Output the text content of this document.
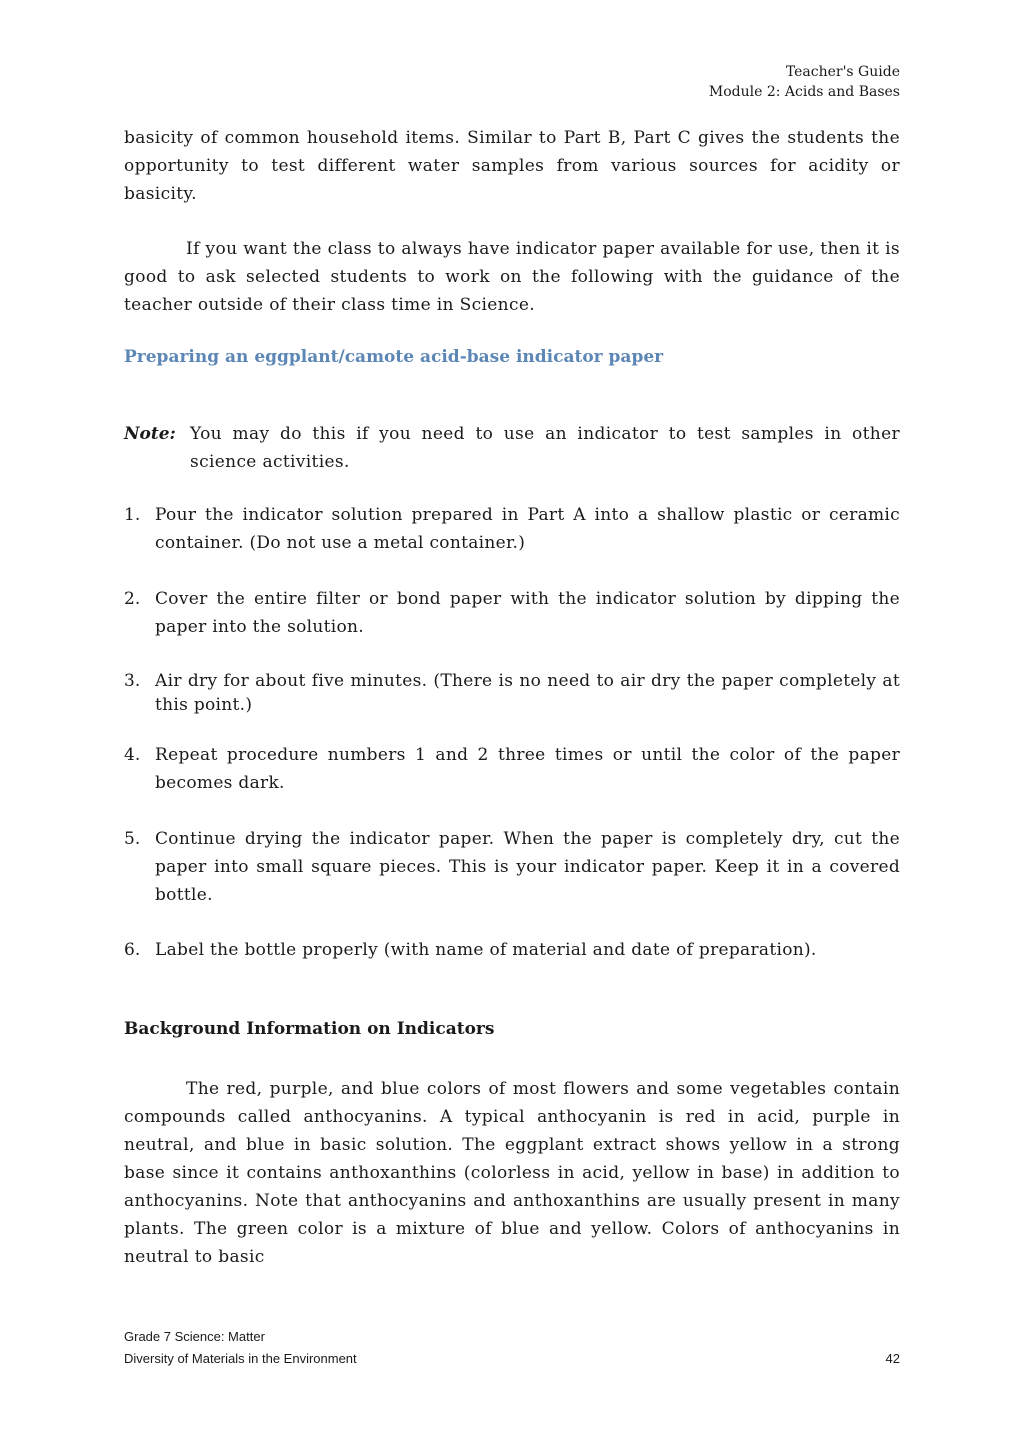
Teacher's Guide
Module 2: Acids and Bases

basicity of common household items. Similar to Part B, Part C gives the students the opportunity to test different water samples from various sources for acidity or basicity.

If you want the class to always have indicator paper available for use, then it is good to ask selected students to work on the following with the guidance of the teacher outside of their class time in Science.

Preparing an eggplant/camote acid-base indicator paper
Note: You may do this if you need to use an indicator to test samples in other science activities.
1. Pour the indicator solution prepared in Part A into a shallow plastic or ceramic container. (Do not use a metal container.)
2. Cover the entire filter or bond paper with the indicator solution by dipping the paper into the solution.
3. Air dry for about five minutes. (There is no need to air dry the paper completely at this point.)
4. Repeat procedure numbers 1 and 2 three times or until the color of the paper becomes dark.
5. Continue drying the indicator paper. When the paper is completely dry, cut the paper into small square pieces. This is your indicator paper. Keep it in a covered bottle.
6. Label the bottle properly (with name of material and date of preparation).
Background Information on Indicators

The red, purple, and blue colors of most flowers and some vegetables contain compounds called anthocyanins. A typical anthocyanin is red in acid, purple in neutral, and blue in basic solution. The eggplant extract shows yellow in a strong base since it contains anthoxanthins (colorless in acid, yellow in base) in addition to anthocyanins. Note that anthocyanins and anthoxanthins are usually present in many plants. The green color is a mixture of blue and yellow. Colors of anthocyanins in neutral to basic

Grade 7 Science: Matter
Diversity of Materials in the Environment	42
